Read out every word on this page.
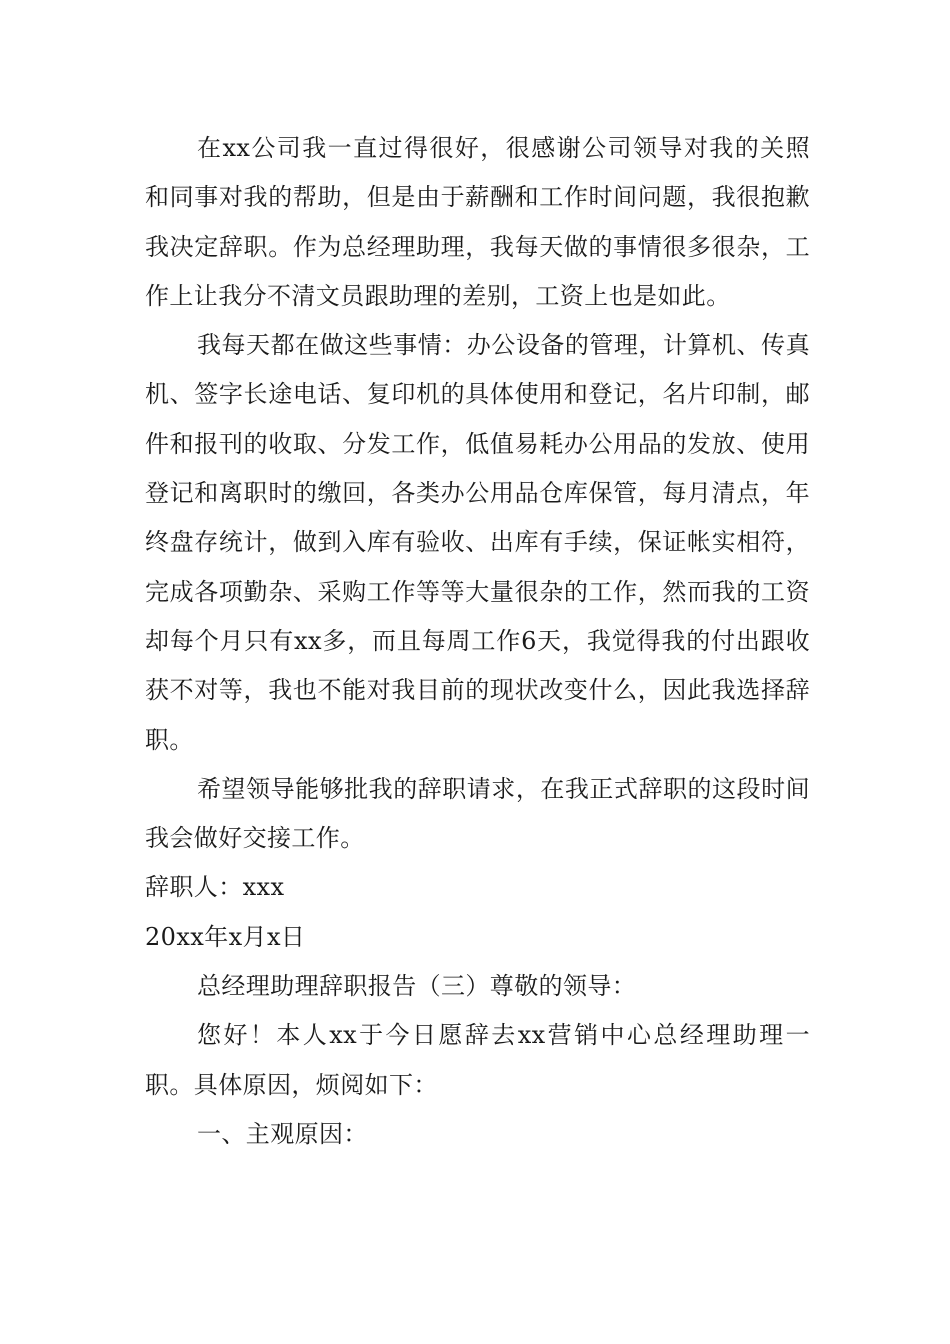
在xx公司我一直过得很好，很感谢公司领导对我的关照和同事对我的帮助，但是由于薪酬和工作时间问题，我很抱歉我决定辞职。作为总经理助理，我每天做的事情很多很杂，工作上让我分不清文员跟助理的差别，工资上也是如此。

我每天都在做这些事情：办公设备的管理，计算机、传真机、签字长途电话、复印机的具体使用和登记，名片印制，邮件和报刊的收取、分发工作，低值易耗办公用品的发放、使用登记和离职时的缴回，各类办公用品仓库保管，每月清点，年终盘存统计，做到入库有验收、出库有手续，保证帐实相符，完成各项勤杂、采购工作等等大量很杂的工作，然而我的工资却每个月只有xx多，而且每周工作6天，我觉得我的付出跟收获不对等，我也不能对我目前的现状改变什么，因此我选择辞职。

希望领导能够批我的辞职请求，在我正式辞职的这段时间我会做好交接工作。

辞职人：xxx

20xx年x月x日

总经理助理辞职报告（三）尊敬的领导：

您好！本人xx于今日愿辞去xx营销中心总经理助理一职。具体原因，烦阅如下：

一、主观原因：
